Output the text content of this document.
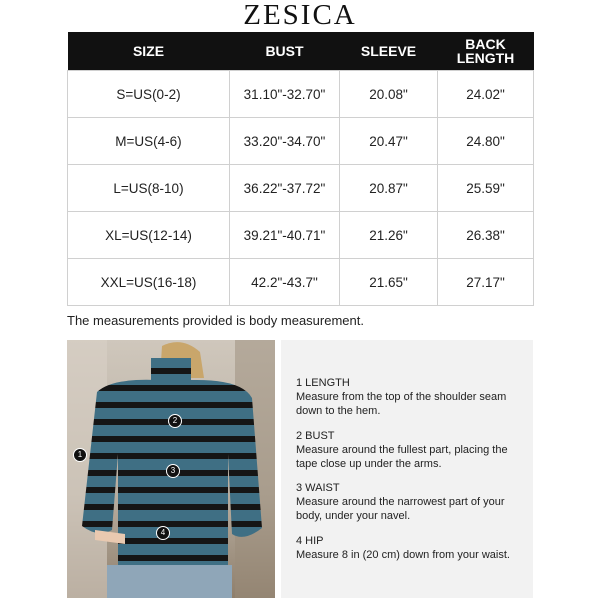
ZESICA
SIZE	BUST	SLEEVE	BACK LENGTH
S=US(0-2)	31.10"-32.70"	20.08"	24.02"
M=US(4-6)	33.20"-34.70"	20.47"	24.80"
L=US(8-10)	36.22"-37.72"	20.87"	25.59"
XL=US(12-14)	39.21"-40.71"	21.26"	26.38"
XXL=US(16-18)	42.2"-43.7"	21.65"	27.17"
The measurements provided is body measurement.
1
2
3
4
1 LENGTH
Measure from the top of the shoulder seam down to the hem.
2 BUST
Measure around the fullest part, placing the tape close up under the arms.
3 WAIST
Measure around the narrowest part of your body, under your navel.
4 HIP
Measure 8 in (20 cm) down from your waist.
